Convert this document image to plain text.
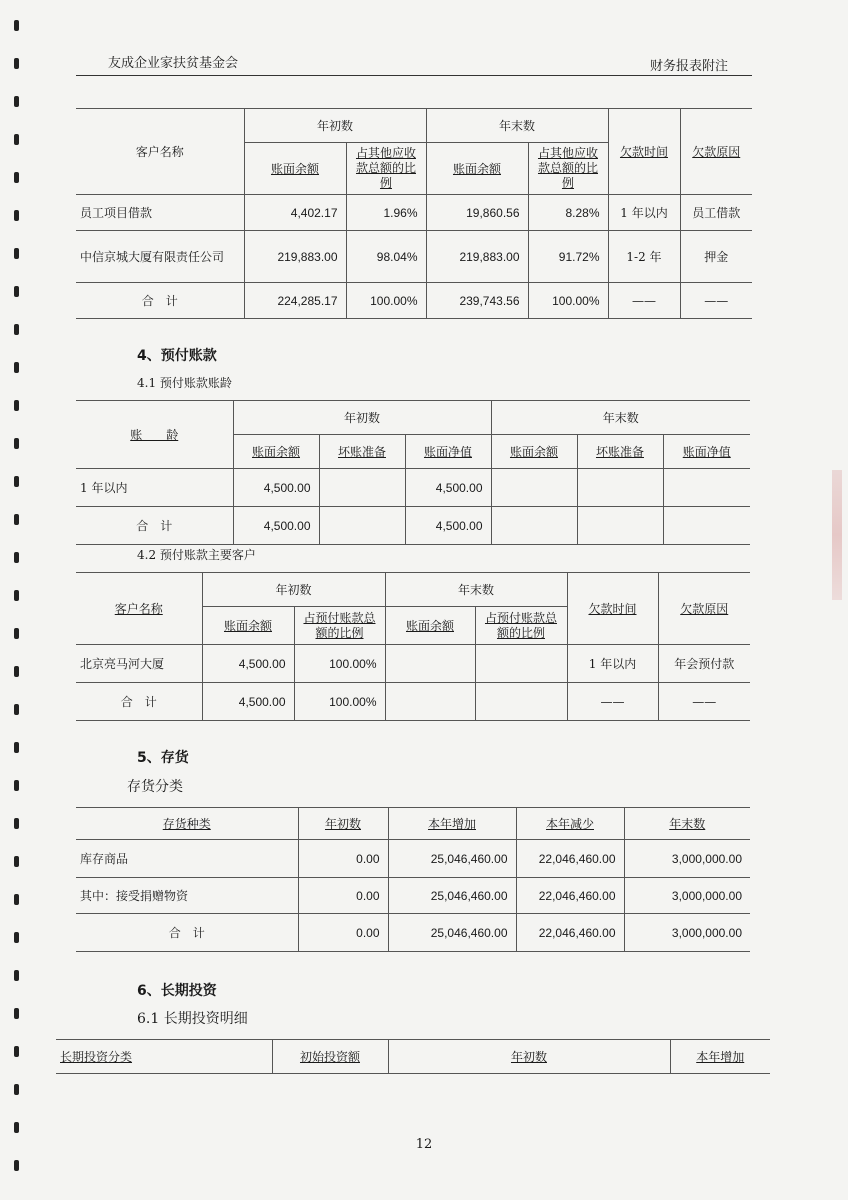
友成企业家扶贫基金会	财务报表附注
客户名称	年初数		年末数		欠款时间	欠款原因
	账面余额	占其他应收款总额的比例	账面余额	占其他应收款总额的比例		
员工项目借款	4,402.17	1.96%	19,860.56	8.28%	1 年以内	员工借款
中信京城大厦有限责任公司	219,883.00	98.04%	219,883.00	91.72%	1-2 年	押金
合　计	224,285.17	100.00%	239,743.56	100.00%	——	——
4、预付账款
4.1 预付账款账龄
账　　龄	年初数			年末数		
	账面余额	坏账准备	账面净值	账面余额	坏账准备	账面净值
1 年以内	4,500.00		4,500.00			
合　计	4,500.00		4,500.00			
4.2 预付账款主要客户
客户名称	年初数		年末数		欠款时间	欠款原因
	账面余额	占预付账款总额的比例	账面余额	占预付账款总额的比例		
北京亮马河大厦	4,500.00	100.00%			1 年以内	年会预付款
合　计	4,500.00	100.00%			——	——
5、存货
存货分类
存货种类	年初数	本年增加	本年减少	年末数
库存商品	0.00	25,046,460.00	22,046,460.00	3,000,000.00
其中：接受捐赠物资	0.00	25,046,460.00	22,046,460.00	3,000,000.00
合　计	0.00	25,046,460.00	22,046,460.00	3,000,000.00
6、长期投资
6.1 长期投资明细
长期投资分类	初始投资额	年初数	本年增加
12
